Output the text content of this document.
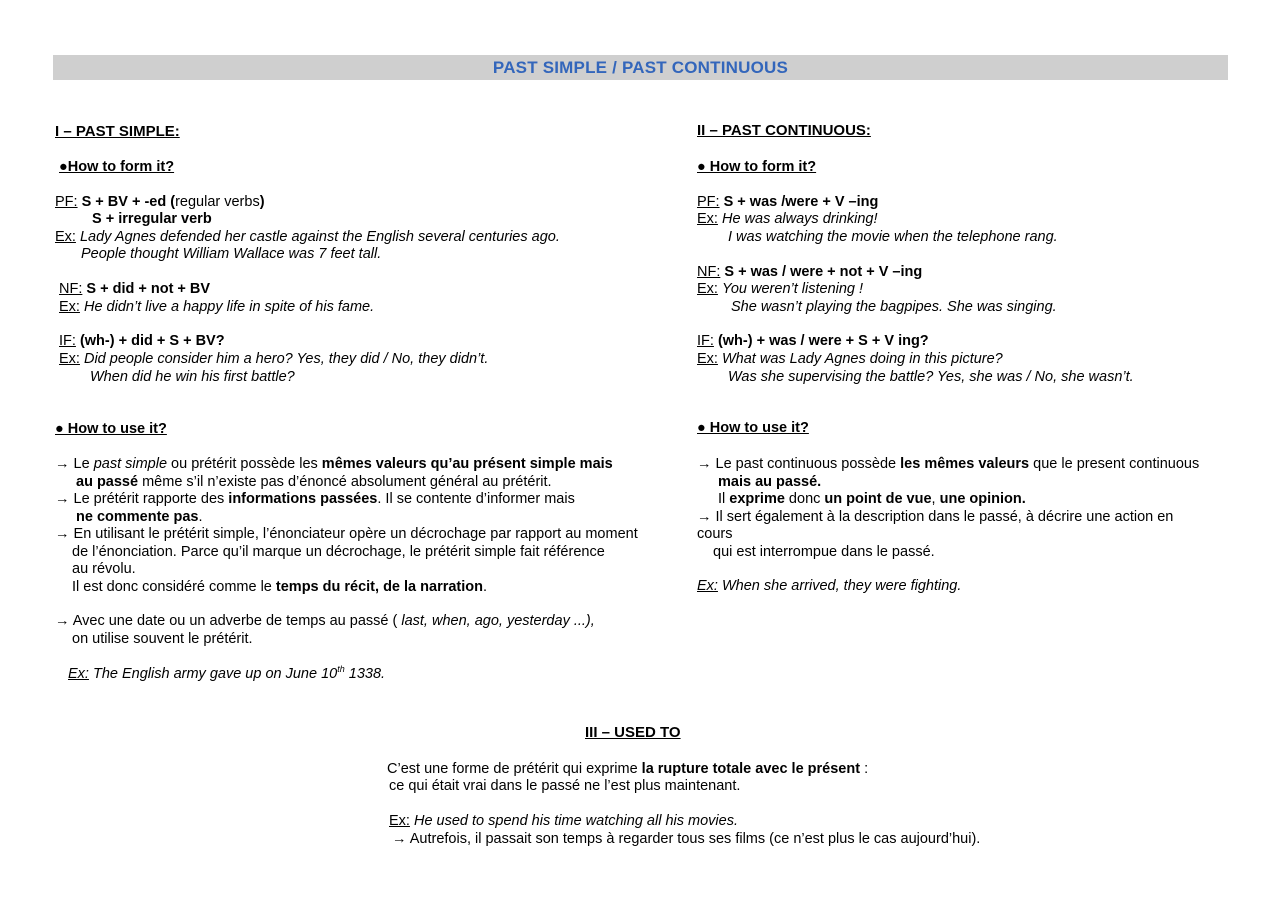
PAST SIMPLE / PAST CONTINUOUS
I – PAST SIMPLE:
●How to form it?
PF: S + BV + -ed (regular verbs)
S + irregular verb
Ex: Lady Agnes defended her castle against the English several centuries ago.
People thought William Wallace was 7 feet tall.
NF: S + did + not + BV
Ex: He didn’t live a happy life in spite of his fame.
IF: (wh-) + did + S + BV?
Ex: Did people consider him a hero? Yes, they did / No, they didn’t.
When did he win his first battle?
● How to use it?
→ Le past simple ou prétérit possède les mêmes valeurs qu’au présent simple mais
au passé même s’il n’existe pas d’énoncé absolument général au prétérit.
→ Le prétérit rapporte des informations passées. Il se contente d’informer mais
ne commente pas.
→ En utilisant le prétérit simple, l’énonciateur opère un décrochage par rapport au moment
de l’énonciation. Parce qu’il marque un décrochage, le prétérit simple fait référence
au révolu.
Il est donc considéré comme le temps du récit, de la narration.
→ Avec une date ou un adverbe de temps au passé ( last, when, ago, yesterday ...),
on utilise souvent le prétérit.
Ex: The English army gave up on June 10th 1338.
II – PAST CONTINUOUS:
● How to form it?
PF: S + was /were + V –ing
Ex: He was always drinking!
I was watching the movie when the telephone rang.
NF: S + was / were + not + V –ing
Ex: You weren’t listening !
She wasn’t playing the bagpipes. She was singing.
IF: (wh-) + was / were + S + V ing?
Ex: What was Lady Agnes doing in this picture?
Was she supervising the battle? Yes, she was / No, she wasn’t.
● How to use it?
→ Le past continuous possède les mêmes valeurs que le present continuous
mais au passé.
Il exprime donc un point de vue, une opinion.
→ Il sert également à la description dans le passé, à décrire une action en
cours
qui est interrompue dans le passé.
Ex: When she arrived, they were fighting.
III – USED TO
C’est une forme de prétérit qui exprime la rupture totale avec le présent :
ce qui était vrai dans le passé ne l’est plus maintenant.
Ex: He used to spend his time watching all his movies.
→ Autrefois, il passait son temps à regarder tous ses films (ce n’est plus le cas aujourd’hui).
